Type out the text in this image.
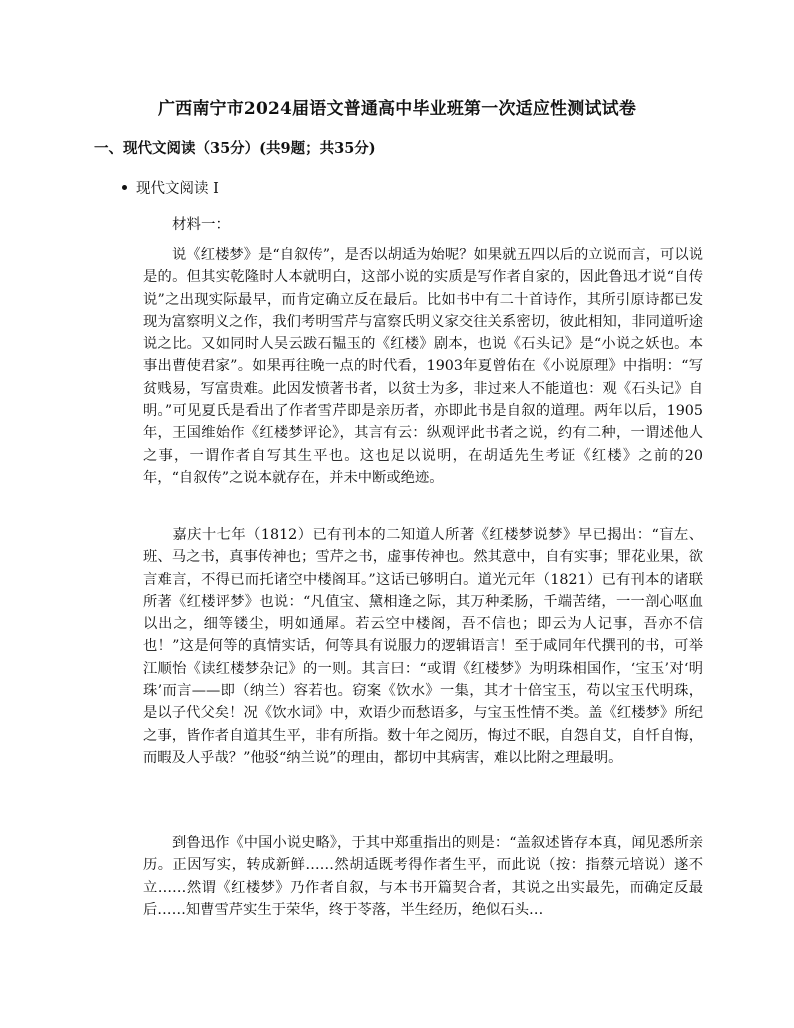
广西南宁市2024届语文普通高中毕业班第一次适应性测试试卷
一、现代文阅读（35分）(共9题；共35分)
现代文阅读 I
材料一：
说《红楼梦》是“自叙传”，是否以胡适为始呢？如果就五四以后的立说而言，可以说是的。但其实乾隆时人本就明白，这部小说的实质是写作者自家的，因此鲁迅才说“自传说”之出现实际最早，而肯定确立反在最后。比如书中有二十首诗作，其所引原诗都已发现为富察明义之作，我们考明雪芹与富察氏明义家交往关系密切，彼此相知，非同道听途说之比。又如同时人吴云跋石韫玉的《红楼》剧本，也说《石头记》是“小说之妖也。本事出曹使君家”。如果再往晚一点的时代看，1903年夏曾佑在《小说原理》中指明：“写贫贱易，写富贵难。此因发愤著书者，以贫士为多，非过来人不能道也：观《石头记》自明。”可见夏氏是看出了作者雪芹即是亲历者，亦即此书是自叙的道理。两年以后，1905年，王国维始作《红楼梦评论》，其言有云：纵观评此书者之说，约有二种，一谓述他人之事，一谓作者自写其生平也。这也足以说明，在胡适先生考证《红楼》之前的20年，“自叙传”之说本就存在，并未中断或绝迹。
嘉庆十七年（1812）已有刊本的二知道人所著《红楼梦说梦》早已揭出：“盲左、班、马之书，真事传神也；雪芹之书，虚事传神也。然其意中，自有实事；罪花业果，欲言难言，不得已而托诸空中楼阁耳。”这话已够明白。道光元年（1821）已有刊本的诸联所著《红楼评梦》也说：“凡值宝、黛相逢之际，其万种柔肠，千端苦绪，一一剖心呕血以出之，细等镂尘，明如通犀。若云空中楼阁，吾不信也；即云为人记事，吾亦不信也！”这是何等的真情实话，何等具有说服力的逻辑语言！至于咸同年代撰刊的书，可举江顺怡《读红楼梦杂记》的一则。其言曰：“或谓《红楼梦》为明珠相国作，‘宝玉’对‘明珠’而言——即（纳兰）容若也。窃案《饮水》一集，其才十倍宝玉，苟以宝玉代明珠，是以子代父矣！况《饮水词》中，欢语少而愁语多，与宝玉性情不类。盖《红楼梦》所纪之事，皆作者自道其生平，非有所指。数十年之阅历，悔过不眠，自怨自艾，自忏自悔，而暇及人乎哉？”他驳“纳兰说”的理由，都切中其病害，难以比附之理最明。
到鲁迅作《中国小说史略》，于其中郑重指出的则是：“盖叙述皆存本真，闻见悉所亲历。正因写实，转成新鲜……然胡适既考得作者生平，而此说（按：指蔡元培说）遂不立……然谓《红楼梦》乃作者自叙，与本书开篇契合者，其说之出实最先，而确定反最后……知曹雪芹实生于荣华，终于苓落，半生经历，绝似石头…
